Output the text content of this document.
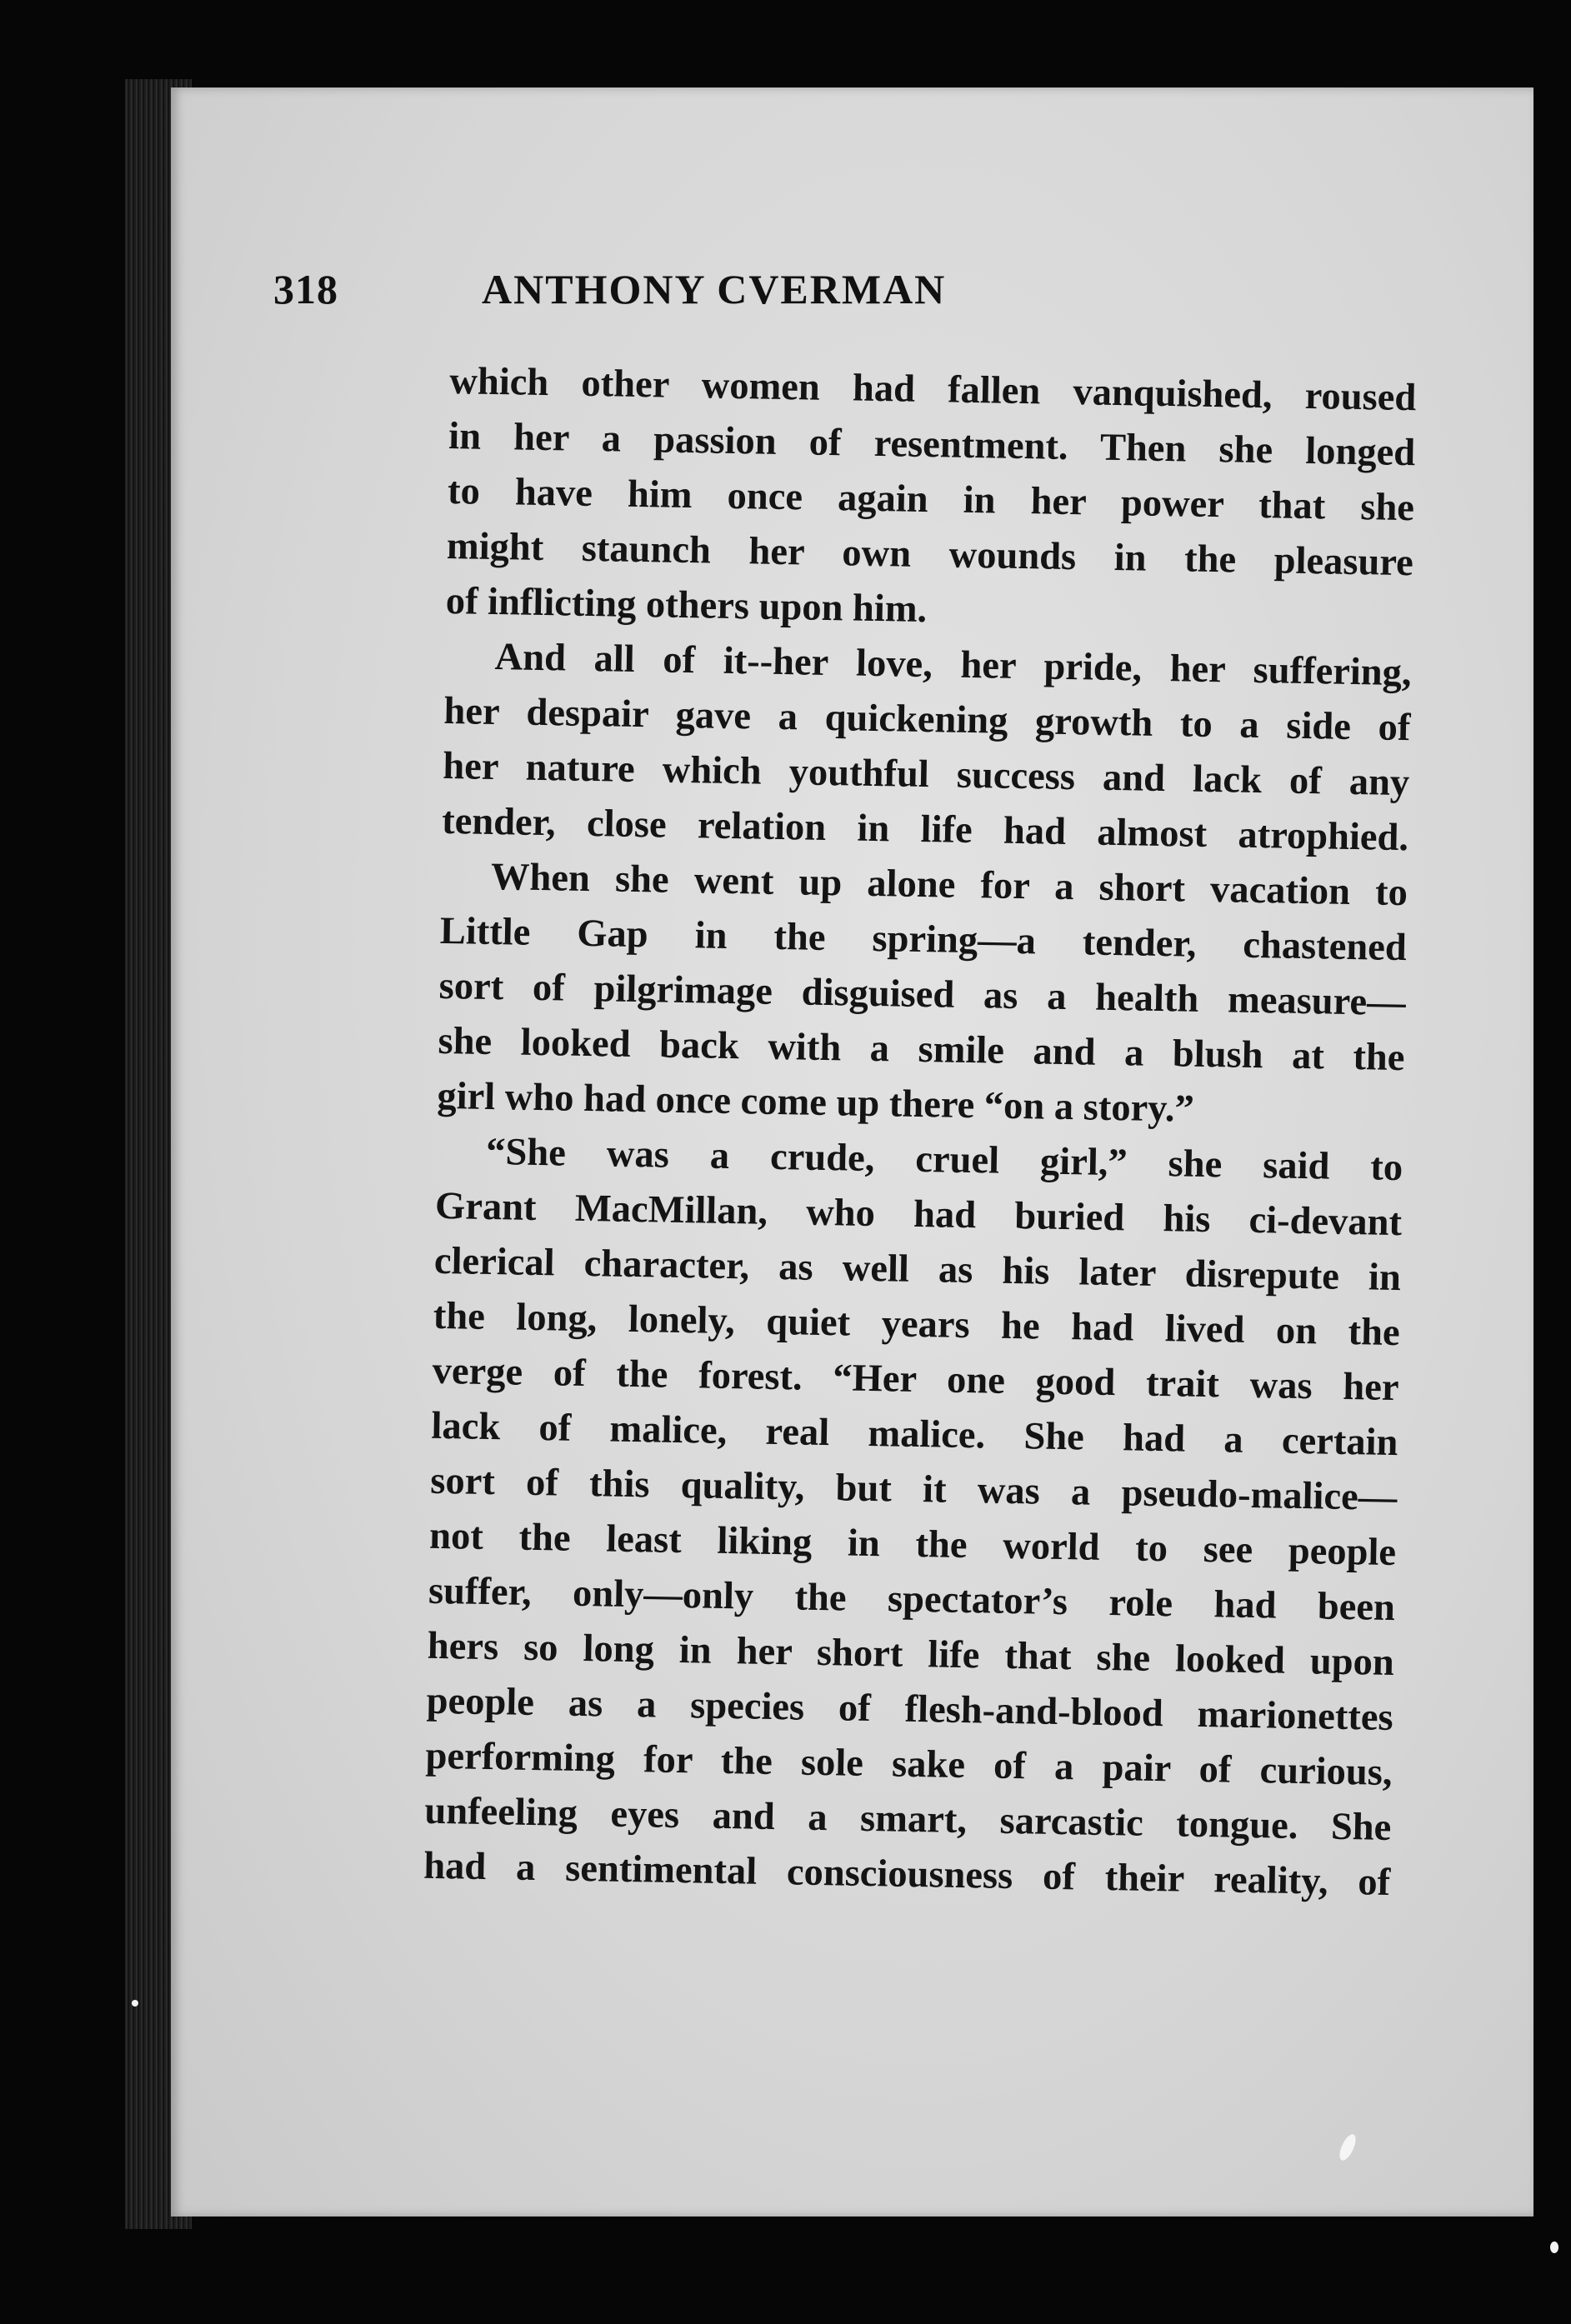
318	ANTHONY CVERMAN
which other women had fallen vanquished, roused
in her a passion of resentment. Then she longed
to have him once again in her power that she
might staunch her own wounds in the pleasure
of inflicting others upon him.
And all of it--her love, her pride, her suffering,
her despair gave a quickening growth to a side of
her nature which youthful success and lack of any
tender, close relation in life had almost atrophied.
When she went up alone for a short vacation to
Little Gap in the spring—a tender, chastened
sort of pilgrimage disguised as a health measure—
she looked back with a smile and a blush at the
girl who had once come up there “on a story.”
“She was a crude, cruel girl,” she said to
Grant MacMillan, who had buried his ci-devant
clerical character, as well as his later disrepute in
the long, lonely, quiet years he had lived on the
verge of the forest. “Her one good trait was her
lack of malice, real malice. She had a certain
sort of this quality, but it was a pseudo-malice—
not the least liking in the world to see people
suffer, only—only the spectator’s role had been
hers so long in her short life that she looked upon
people as a species of flesh-and-blood marionettes
performing for the sole sake of a pair of curious,
unfeeling eyes and a smart, sarcastic tongue. She
had a sentimental consciousness of their reality, of
